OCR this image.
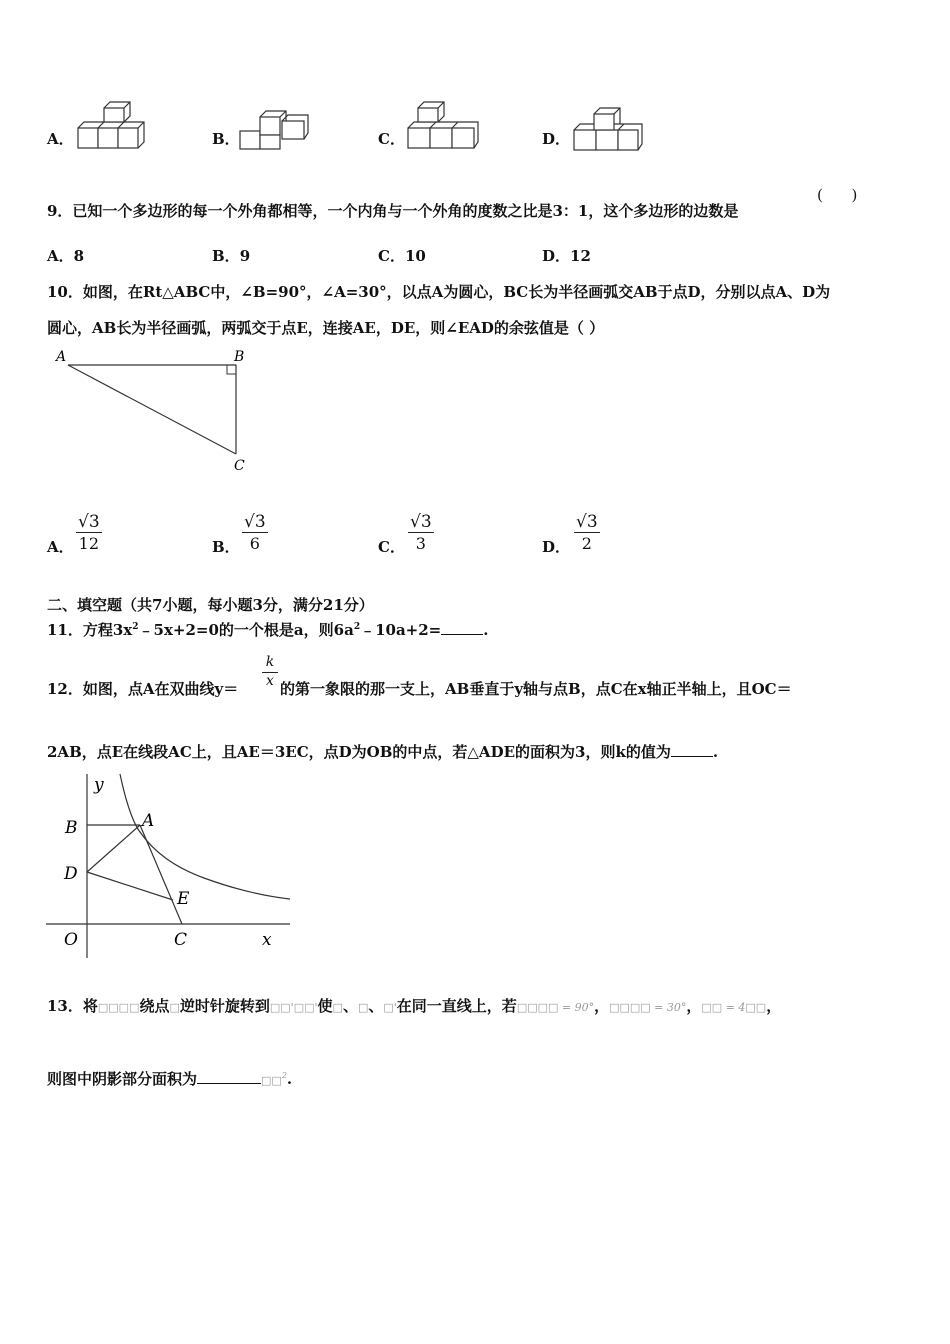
A．	B．	C．	D．
9．已知一个多边形的每一个外角都相等，一个内角与一个外角的度数之比是3：1，这个多边形的边数是
(      )
A．8	B．9	C．10	D．12
10．如图，在Rt△ABC中，∠B=90°，∠A=30°，以点A为圆心，BC长为半径画弧交AB于点D，分别以点A、D为
圆心，AB长为半径画弧，两弧交于点E，连接AE，DE，则∠EAD的余弦值是（ ）
A	B
C
A． $\frac{√3}{12}$	B． $\frac{√3}{6}$	C． $\frac{√3}{3}$	D． $\frac{√3}{2}$
二、填空题（共7小题，每小题3分，满分21分）
11．方程$3x^2﹣5x+2=0$的一个根是a，则$6a^2﹣10a+2=$	.
12．如图，点A在双曲线y＝
k
x 的第一象限的那一支上，AB垂直于y轴与点B，点C在x轴正半轴上，且OC＝
2AB，点E在线段AC上，且AE＝3EC，点D为OB的中点，若△ADE的面积为3，则k的值为	.
y
B	A
D
E
O	C	x
13．将□□□□绕点□逆时针旋转到□□'□□'使□、□、□'在同一直线上，若□□□□ = 90°，□□□□ = 30°，□□ = 4□□，
则图中阴影部分面积为	□□$^2$.
